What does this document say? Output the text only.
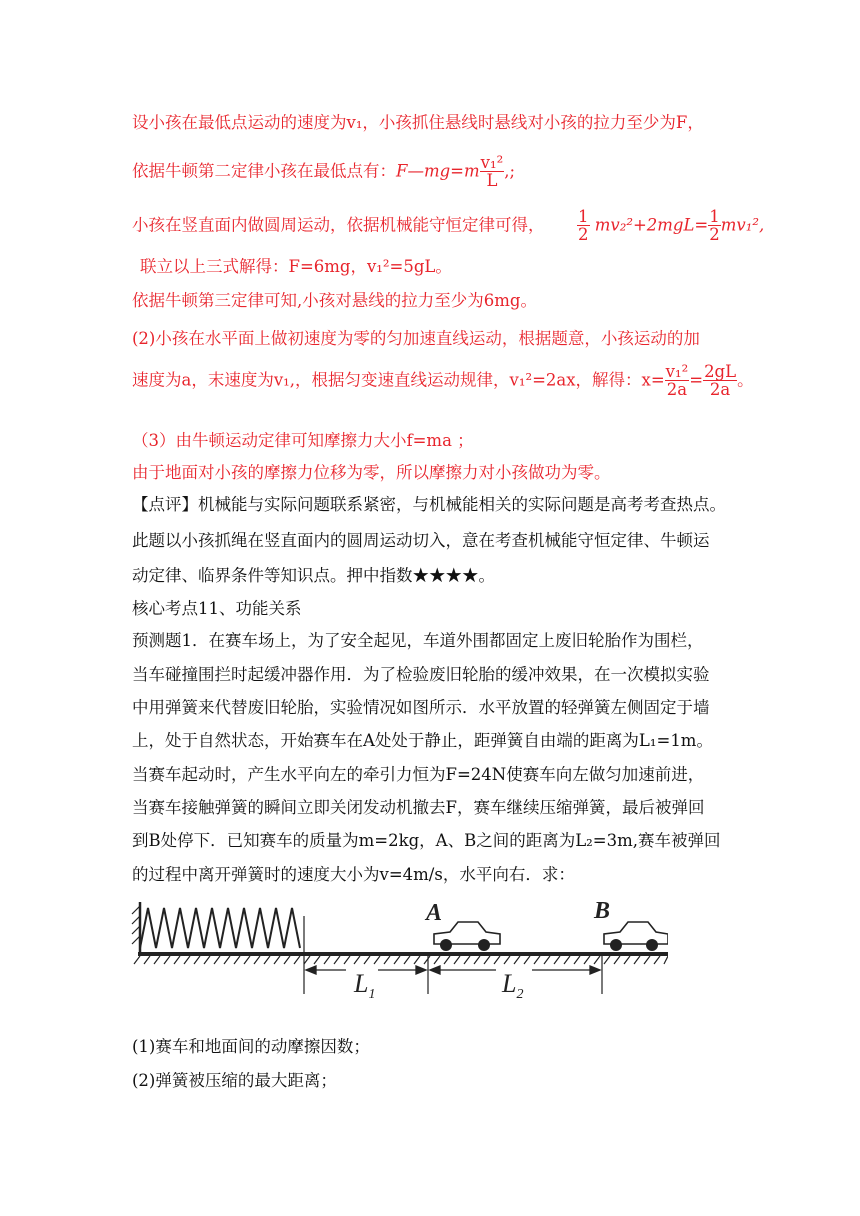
设小孩在最低点运动的速度为v₁，小孩抓住悬线时悬线对小孩的拉力至少为F，
依据牛顿第二定律小孩在最低点有：F—mg=m $\frac{\text{v₁²}}{L}$ ,;
小孩在竖直面内做圆周运动，依据机械能守恒定律可得， $\frac{1}{2} mv_2^2+2mgL= \frac{1}{2} mv_1^2$,
联立以上三式解得：F=6mg，v₁²=5gL。
依据牛顿第三定律可知,小孩对悬线的拉力至少为6mg。
(2)小孩在水平面上做初速度为零的匀加速直线运动，根据题意，小孩运动的加
速度为a，末速度为v₁,，根据匀变速直线运动规律，v₁²=2ax，解得：$x= \frac{\text{v₁²}}{2a} = \frac{2gL}{2a}$ 。
（3）由牛顿运动定律可知摩擦力大小f=ma ；
由于地面对小孩的摩擦力位移为零，所以摩擦力对小孩做功为零。
【点评】机械能与实际问题联系紧密，与机械能相关的实际问题是高考考查热点。
此题以小孩抓绳在竖直面内的圆周运动切入，意在考查机械能守恒定律、牛顿运
动定律、临界条件等知识点。押中指数★★★★。
核心考点11、功能关系
预测题1．在赛车场上，为了安全起见，车道外围都固定上废旧轮胎作为围栏，
当车碰撞围拦时起缓冲器作用．为了检验废旧轮胎的缓冲效果，在一次模拟实验
中用弹簧来代替废旧轮胎，实验情况如图所示．水平放置的轻弹簧左侧固定于墙
上，处于自然状态，开始赛车在A处处于静止，距弹簧自由端的距离为L₁=1m。
当赛车起动时，产生水平向左的牵引力恒为F=24N使赛车向左做匀加速前进，
当赛车接触弹簧的瞬间立即关闭发动机撤去F，赛车继续压缩弹簧，最后被弹回
到B处停下．已知赛车的质量为m=2kg，A、B之间的距离为L₂=3m,赛车被弹回
的过程中离开弹簧时的速度大小为v=4m/s，水平向右．求：
$L_1$	$L_2$
A	B
(1)赛车和地面间的动摩擦因数；
(2)弹簧被压缩的最大距离；
